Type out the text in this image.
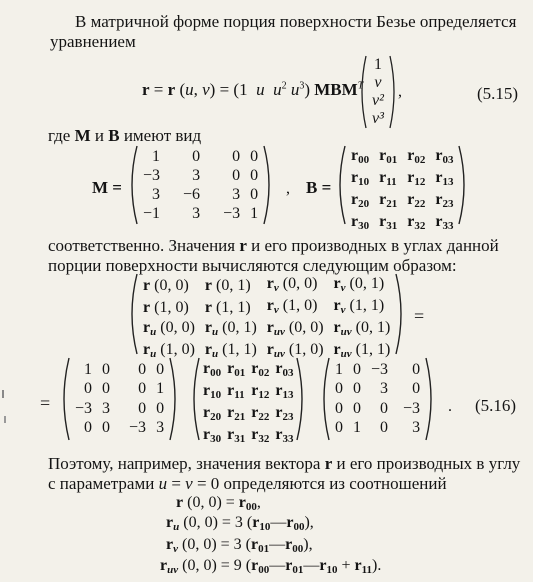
В матричной форме порция поверхности Безье определяется
уравнением
r = r (u, v) = (1  u $u^2$ $u^3$) $MBM^T$
1
v
v²
v³
,	(5.15)
где M и B имеют вид
M =
1	0	0	0
−3	3	0	0
3	−6	3	0
−1	3	−3	1
, B =
$r_{00}$	$r_{01}$	$r_{02}$	$r_{03}$
$r_{10}$	$r_{11}$	$r_{12}$	$r_{13}$
$r_{20}$	$r_{21}$	$r_{22}$	$r_{23}$
$r_{30}$	$r_{31}$	$r_{32}$	$r_{33}$
соответственно. Значения r и его производных в углах данной
порции поверхности вычисляются следующим образом:
r (0, 0)	r (0, 1)	rv (0, 0)	rv (0, 1)
r (1, 0)	r (1, 1)	rv (1, 0)	rv (1, 1)
ru (0, 0)	ru (0, 1)	ruv (0, 0)	ruv (0, 1)
ru (1, 0)	ru (1, 1)	ruv (1, 0)	ruv (1, 1)
=
=
1	0	0	0
0	0	0	1
−3	3	0	0
0	0	−3	3
$r_{00}$	$r_{01}$	$r_{02}$	$r_{03}$
$r_{10}$	$r_{11}$	$r_{12}$	$r_{13}$
$r_{20}$	$r_{21}$	$r_{22}$	$r_{23}$
$r_{30}$	$r_{31}$	$r_{32}$	$r_{33}$
1	0	−3	0
0	0	3	0
0	0	0	−3
0	1	0	3
. (5.16)
Поэтому, например, значения вектора r и его производных в углу
с параметрами u = v = 0 определяются из соотношений
r (0, $0) = r_{00}$,
ru (0, 0) = 3 $(r_{10}—r_{00})$,
rv (0, 0) = 3 $(r_{01}—r_{00})$,
ruv (0, 0) = 9 $(r_{00}—r_{01}—r_{10} + r_{11})$.
